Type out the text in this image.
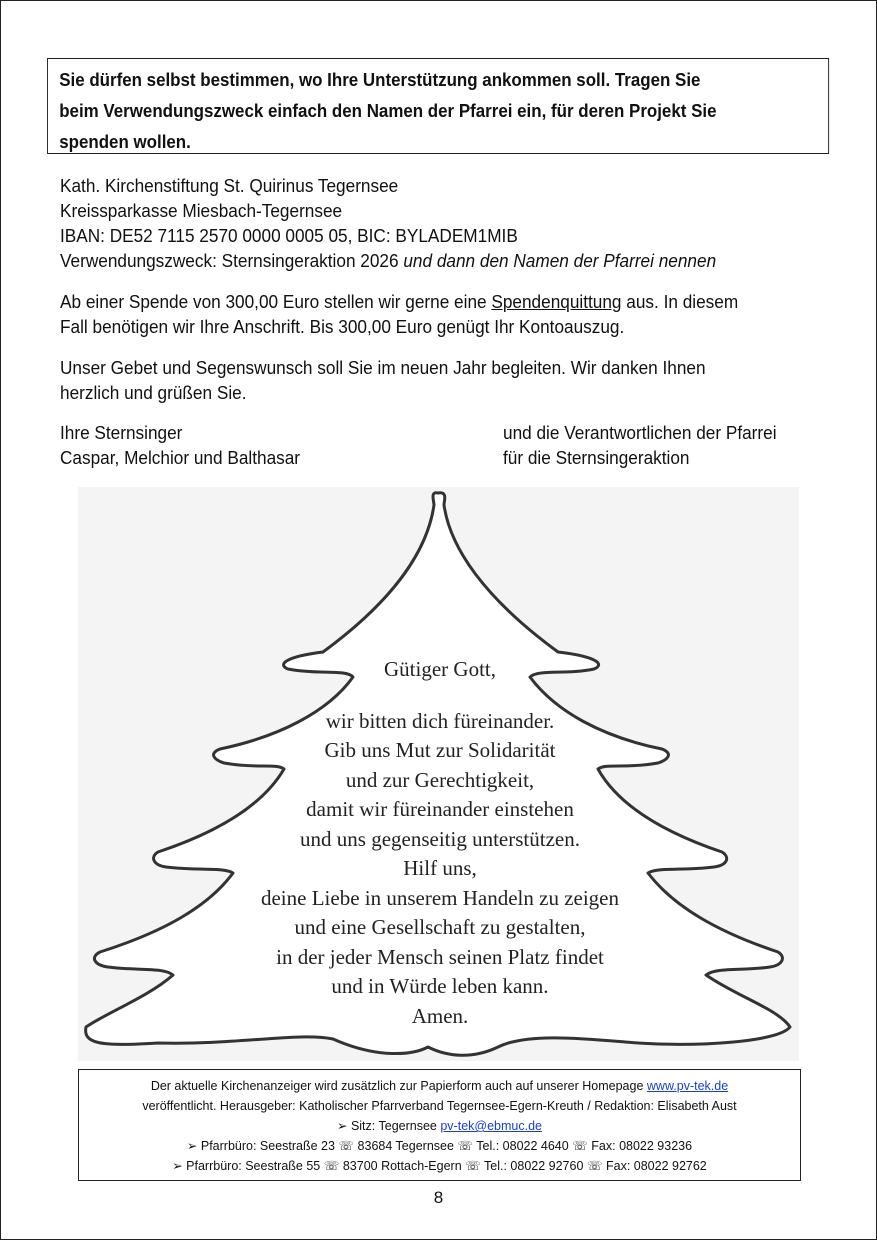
Sie dürfen selbst bestimmen, wo Ihre Unterstützung ankommen soll. Tragen Sie
beim Verwendungszweck einfach den Namen der Pfarrei ein, für deren Projekt Sie
spenden wollen.
Kath. Kirchenstiftung St. Quirinus Tegernsee
Kreissparkasse Miesbach-Tegernsee
IBAN: DE52 7115 2570 0000 0005 05, BIC: BYLADEM1MIB
Verwendungszweck: Sternsingeraktion 2026 und dann den Namen der Pfarrei nennen
Ab einer Spende von 300,00 Euro stellen wir gerne eine Spendenquittung aus. In diesem
Fall benötigen wir Ihre Anschrift. Bis 300,00 Euro genügt Ihr Kontoauszug.
Unser Gebet und Segenswunsch soll Sie im neuen Jahr begleiten. Wir danken Ihnen
herzlich und grüßen Sie.
Ihre Sternsinger
Caspar, Melchior und Balthasar
und die Verantwortlichen der Pfarrei
für die Sternsingeraktion
Gütiger Gott,
wir bitten dich füreinander.
Gib uns Mut zur Solidarität
und zur Gerechtigkeit,
damit wir füreinander einstehen
und uns gegenseitig unterstützen.
Hilf uns,
deine Liebe in unserem Handeln zu zeigen
und eine Gesellschaft zu gestalten,
in der jeder Mensch seinen Platz findet
und in Würde leben kann.
Amen.
Der aktuelle Kirchenanzeiger wird zusätzlich zur Papierform auch auf unserer Homepage www.pv-tek.de
veröffentlicht. Herausgeber: Katholischer Pfarrverband Tegernsee-Egern-Kreuth / Redaktion: Elisabeth Aust
➢ Sitz: Tegernsee pv-tek@ebmuc.de
➢ Pfarrbüro: Seestraße 23 ☏ 83684 Tegernsee ☏ Tel.: 08022 4640 ☏ Fax: 08022 93236
➢ Pfarrbüro: Seestraße 55 ☏ 83700 Rottach-Egern ☏ Tel.: 08022 92760 ☏ Fax: 08022 92762
8
